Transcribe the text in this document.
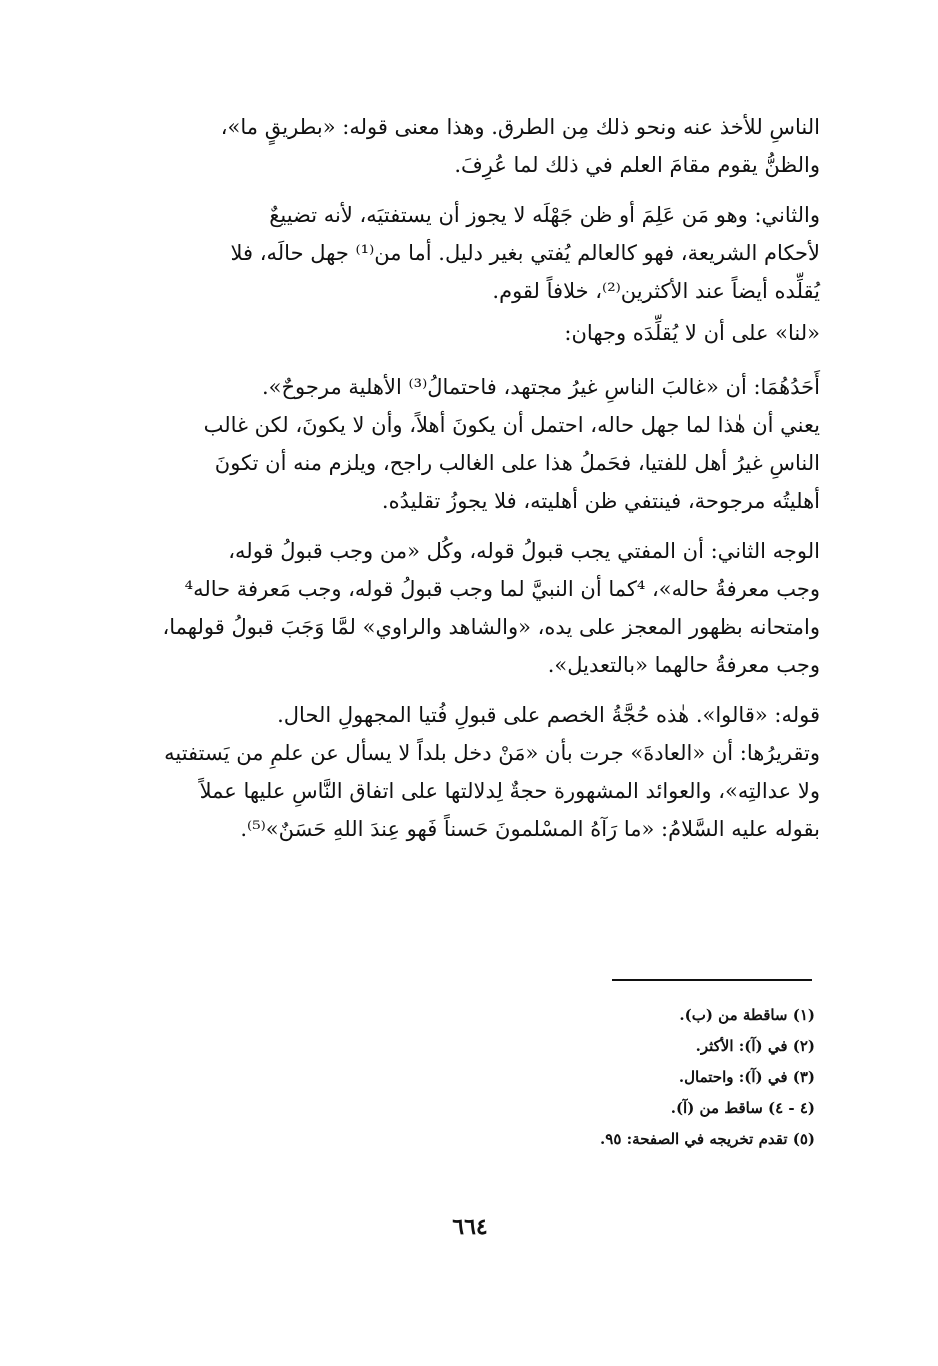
الناسِ للأخذ عنه ونحو ذلك مِن الطرق. وهذا معنى قوله: «بطريقٍ ما»،
والظنُّ يقوم مقامَ العلم في ذلك لما عُرِفَ.

والثاني: وهو مَن عَلِمَ أو ظن جَهْلَه لا يجوز أن يستفتيَه، لأنه تضييعٌ
لأحكام الشريعة، فهو كالعالم يُفتي بغير دليل. أما من⁽¹⁾ جهل حالَه، فلا
يُقلِّده أيضاً عند الأكثرين⁽²⁾، خلافاً لقوم.

«لنا» على أن لا يُقلِّدَه وجهان:

أَحَدُهُمَا: أن «غالبَ الناسِ غيرُ مجتهد، فاحتمالُ⁽³⁾ الأهلية مرجوحٌ».
يعني أن هٰذا لما جهل حاله، احتمل أن يكونَ أهلاً، وأن لا يكونَ، لكن غالب
الناسِ غيرُ أهل للفتيا، فحَملُ هذا على الغالب راجح، ويلزم منه أن تكونَ
أهليتُه مرجوحة، فينتفي ظن أهليته، فلا يجوزُ تقليدُه.

الوجه الثاني: أن المفتي يجب قبولُ قوله، وكُل «من وجب قبولُ قوله،
وجب معرفةُ حاله»، ⁴كما أن النبيَّ لما وجب قبولُ قوله، وجب مَعرفة حاله⁴
وامتحانه بظهور المعجز على يده، «والشاهد والراوي» لمَّا وَجَبَ قبولُ قولهما،
وجب معرفةُ حالهما «بالتعديل».

قوله: «قالوا». هٰذه حُجَّةُ الخصم على قبولِ فُتيا المجهولِ الحال.
وتقريرُها: أن «العادةَ» جرت بأن «مَنْ دخل بلداً لا يسأل عن علمِ من يَستفتيه
ولا عدالتِه»، والعوائد المشهورة حجةٌ لِدلالتها على اتفاق النَّاسِ عليها عملاً
بقوله عليه السَّلامُ: «ما رَآهُ المسْلمونَ حَسناً فَهو عِندَ اللهِ حَسَنٌ»⁽⁵⁾.

(١) ساقطة من (ب).
(٢) في (آ): الأكثر.
(٣) في (آ): واحتمال.
(٤ - ٤) ساقط من (آ).
(٥) تقدم تخريجه في الصفحة: ٩٥.
٦٦٤
